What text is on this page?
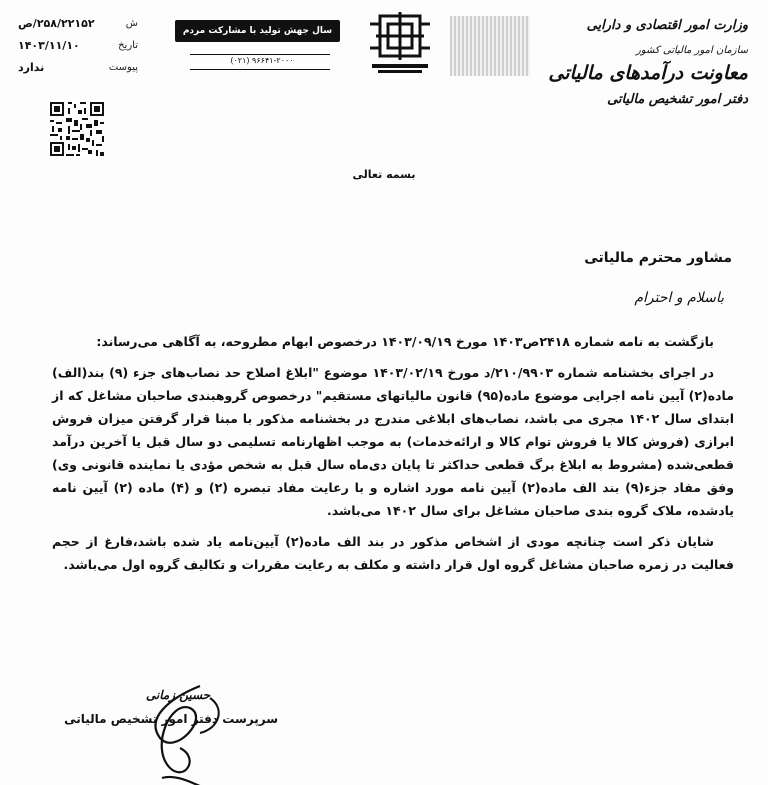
ش
۲۵۸/۲۲۱۵۲/ص
تاریخ
۱۴۰۳/۱۱/۱۰
پیوست
ندارد
سال جهش تولید با مشارکت مردم
(۰۲۱) ۹۶۶۴۱-۲۰۰۰
وزارت امور اقتصادی و دارایی
سازمان امور مالیاتی کشور
معاونت درآمدهای مالیاتی
دفتر امور تشخیص مالیاتی
بسمه تعالی
مشاور محترم مالیاتی
باسلام و احترام

بازگشت به نامه شماره ۲۴۱۸ص۱۴۰۳ مورخ ۱۴۰۳/۰۹/۱۹ درخصوص ابهام مطروحه، به آگاهی می‌رساند:

در اجرای بخشنامه شماره ۲۱۰/۹۹۰۳/د مورخ ۱۴۰۳/۰۲/۱۹ موضوع "ابلاغ اصلاح حد نصاب‌های جزء (۹) بند(الف) ماده(۲) آیین نامه اجرایی موضوع ماده(۹۵) قانون مالیاتهای مستقیم" درخصوص گروهبندی صاحبان مشاغل که از ابتدای سال ۱۴۰۲ مجری می باشد، نصاب‌های ابلاغی مندرج در بخشنامه مذکور با مبنا قرار گرفتن میزان فروش ابرازی (فروش کالا یا فروش توام کالا و ارائه‌خدمات) به موجب اظهارنامه تسلیمی دو سال قبل یا آخرین درآمد قطعی‌شده (مشروط به ابلاغ برگ قطعی حداکثر تا پایان دی‌ماه سال قبل به شخص مؤدی یا نماینده قانونی وی) وفق مفاد جزء(۹) بند الف ماده(۲) آیین نامه مورد اشاره و با رعایت مفاد تبصره (۲) و (۴) ماده (۲) آیین نامه یادشده، ملاک گروه بندی صاحبان مشاغل برای سال ۱۴۰۲ می‌باشد.

شایان ذکر است چنانچه مودی از اشخاص مذکور در بند الف ماده(۲) آیین‌نامه یاد شده باشد،فارغ از حجم فعالیت در زمره صاحبان مشاغل گروه اول قرار داشته و مکلف به رعایت مقررات و تکالیف گروه اول می‌باشد.

حسین زمانی
سرپرست دفتر امور تشخیص مالیاتی
